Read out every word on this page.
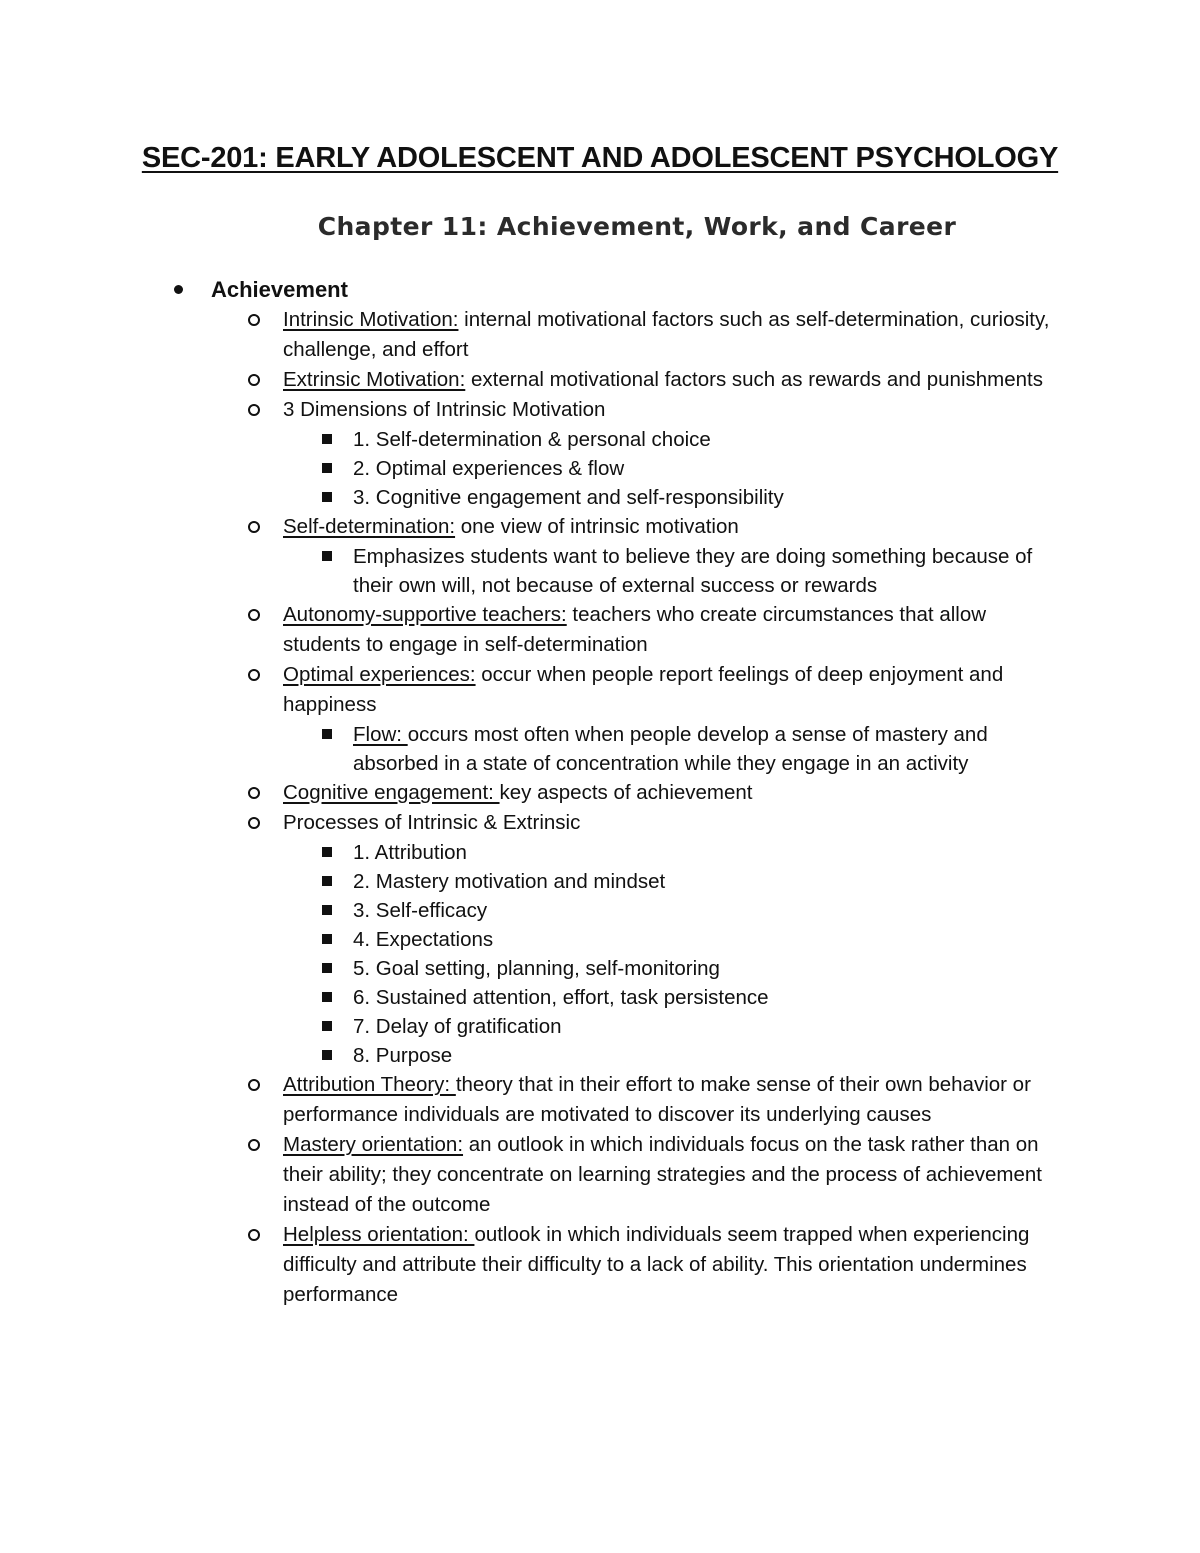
SEC-201: EARLY ADOLESCENT AND ADOLESCENT PSYCHOLOGY
Chapter 11: Achievement, Work, and Career
Achievement
Intrinsic Motivation: internal motivational factors such as self-determination, curiosity, challenge, and effort
Extrinsic Motivation: external motivational factors such as rewards and punishments
3 Dimensions of Intrinsic Motivation
1. Self-determination & personal choice
2. Optimal experiences & flow
3. Cognitive engagement and self-responsibility
Self-determination: one view of intrinsic motivation
Emphasizes students want to believe they are doing something because of their own will, not because of external success or rewards
Autonomy-supportive teachers: teachers who create circumstances that allow students to engage in self-determination
Optimal experiences: occur when people report feelings of deep enjoyment and happiness
Flow: occurs most often when people develop a sense of mastery and absorbed in a state of concentration while they engage in an activity
Cognitive engagement: key aspects of achievement
Processes of Intrinsic & Extrinsic
1. Attribution
2. Mastery motivation and mindset
3. Self-efficacy
4. Expectations
5. Goal setting, planning, self-monitoring
6. Sustained attention, effort, task persistence
7. Delay of gratification
8. Purpose
Attribution Theory: theory that in their effort to make sense of their own behavior or performance individuals are motivated to discover its underlying causes
Mastery orientation: an outlook in which individuals focus on the task rather than on their ability; they concentrate on learning strategies and the process of achievement instead of the outcome
Helpless orientation: outlook in which individuals seem trapped when experiencing difficulty and attribute their difficulty to a lack of ability. This orientation undermines performance
